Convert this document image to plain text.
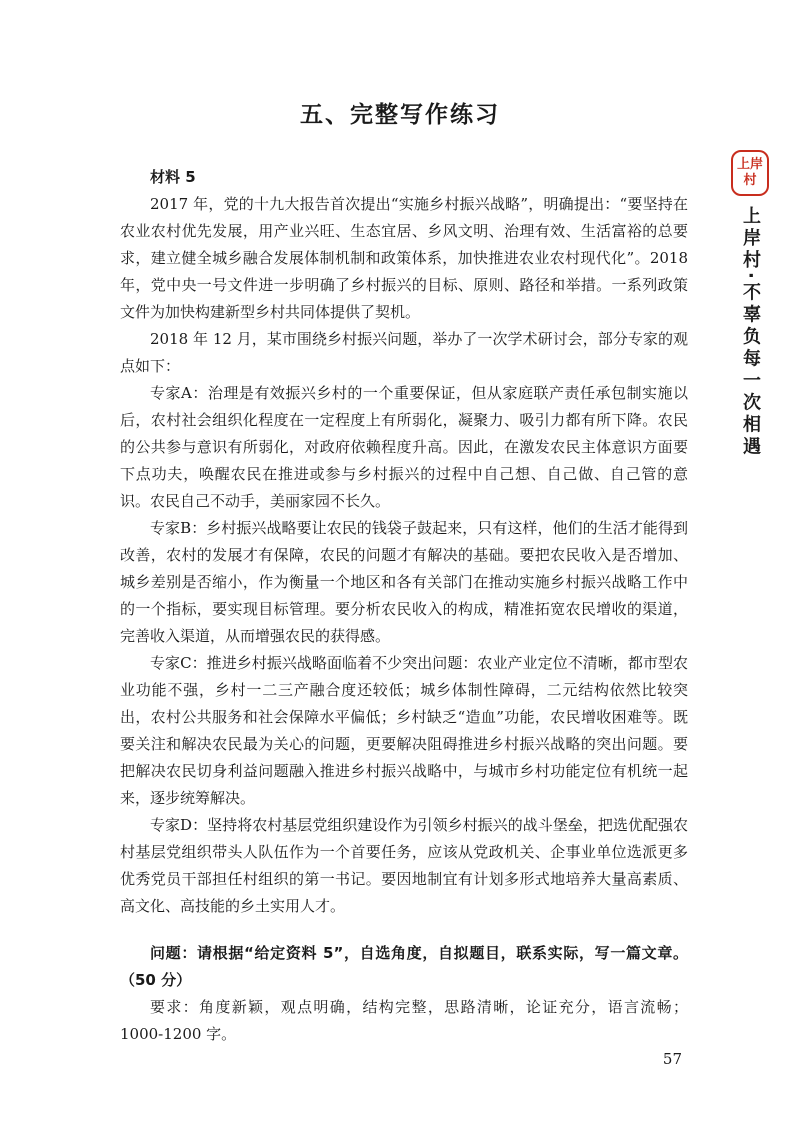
五、完整写作练习
材料 5

2017 年，党的十九大报告首次提出“实施乡村振兴战略”，明确提出：“要坚持在农业农村优先发展，用产业兴旺、生态宜居、乡风文明、治理有效、生活富裕的总要求，建立健全城乡融合发展体制机制和政策体系，加快推进农业农村现代化”。2018 年，党中央一号文件进一步明确了乡村振兴的目标、原则、路径和举措。一系列政策文件为加快构建新型乡村共同体提供了契机。

2018 年 12 月，某市围绕乡村振兴问题，举办了一次学术研讨会，部分专家的观点如下：

专家A：治理是有效振兴乡村的一个重要保证，但从家庭联产责任承包制实施以后，农村社会组织化程度在一定程度上有所弱化，凝聚力、吸引力都有所下降。农民的公共参与意识有所弱化，对政府依赖程度升高。因此，在激发农民主体意识方面要下点功夫，唤醒农民在推进或参与乡村振兴的过程中自己想、自己做、自己管的意识。农民自己不动手，美丽家园不长久。

专家B：乡村振兴战略要让农民的钱袋子鼓起来，只有这样，他们的生活才能得到改善，农村的发展才有保障，农民的问题才有解决的基础。要把农民收入是否增加、城乡差别是否缩小，作为衡量一个地区和各有关部门在推动实施乡村振兴战略工作中的一个指标，要实现目标管理。要分析农民收入的构成，精准拓宽农民增收的渠道，完善收入渠道，从而增强农民的获得感。

专家C：推进乡村振兴战略面临着不少突出问题：农业产业定位不清晰，都市型农业功能不强，乡村一二三产融合度还较低；城乡体制性障碍，二元结构依然比较突出，农村公共服务和社会保障水平偏低；乡村缺乏“造血”功能，农民增收困难等。既要关注和解决农民最为关心的问题，更要解决阻碍推进乡村振兴战略的突出问题。要把解决农民切身利益问题融入推进乡村振兴战略中，与城市乡村功能定位有机统一起来，逐步统筹解决。

专家D：坚持将农村基层党组织建设作为引领乡村振兴的战斗堡垒，把选优配强农村基层党组织带头人队伍作为一个首要任务，应该从党政机关、企事业单位选派更多优秀党员干部担任村组织的第一书记。要因地制宜有计划多形式地培养大量高素质、高文化、高技能的乡土实用人才。

问题：请根据“给定资料 5”，自选角度，自拟题目，联系实际，写一篇文章。（50 分）

要求：角度新颖，观点明确，结构完整，思路清晰，论证充分，语言流畅；1000-1200 字。

上岸
村
上岸村·不辜负每一次相遇
57
